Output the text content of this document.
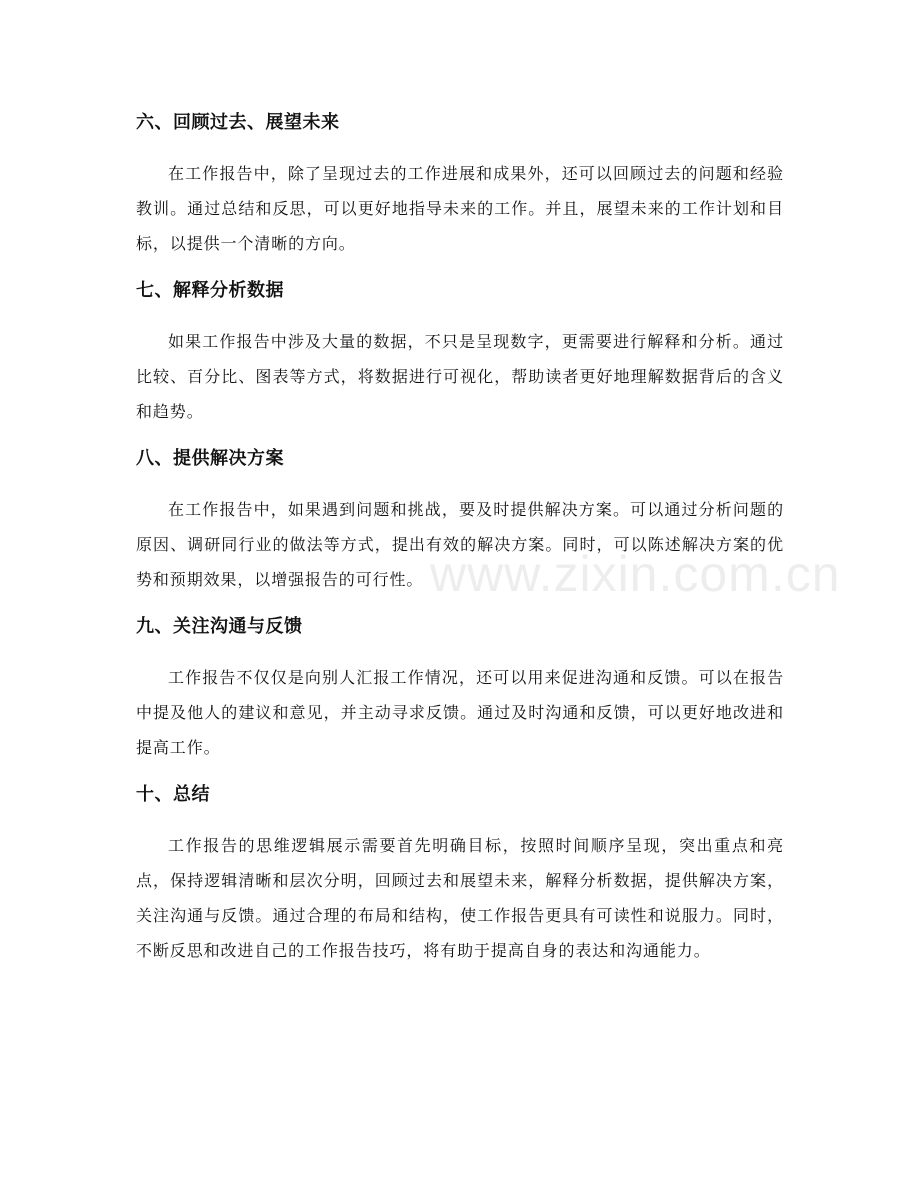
六、回顾过去、展望未来

在工作报告中，除了呈现过去的工作进展和成果外，还可以回顾过去的问题和经验教训。通过总结和反思，可以更好地指导未来的工作。并且，展望未来的工作计划和目标，以提供一个清晰的方向。

七、解释分析数据

如果工作报告中涉及大量的数据，不只是呈现数字，更需要进行解释和分析。通过比较、百分比、图表等方式，将数据进行可视化，帮助读者更好地理解数据背后的含义和趋势。

八、提供解决方案

在工作报告中，如果遇到问题和挑战，要及时提供解决方案。可以通过分析问题的原因、调研同行业的做法等方式，提出有效的解决方案。同时，可以陈述解决方案的优势和预期效果，以增强报告的可行性。

九、关注沟通与反馈

工作报告不仅仅是向别人汇报工作情况，还可以用来促进沟通和反馈。可以在报告中提及他人的建议和意见，并主动寻求反馈。通过及时沟通和反馈，可以更好地改进和提高工作。

十、总结

工作报告的思维逻辑展示需要首先明确目标，按照时间顺序呈现，突出重点和亮点，保持逻辑清晰和层次分明，回顾过去和展望未来，解释分析数据，提供解决方案，关注沟通与反馈。通过合理的布局和结构，使工作报告更具有可读性和说服力。同时，不断反思和改进自己的工作报告技巧，将有助于提高自身的表达和沟通能力。

www.zixin.com.cn
